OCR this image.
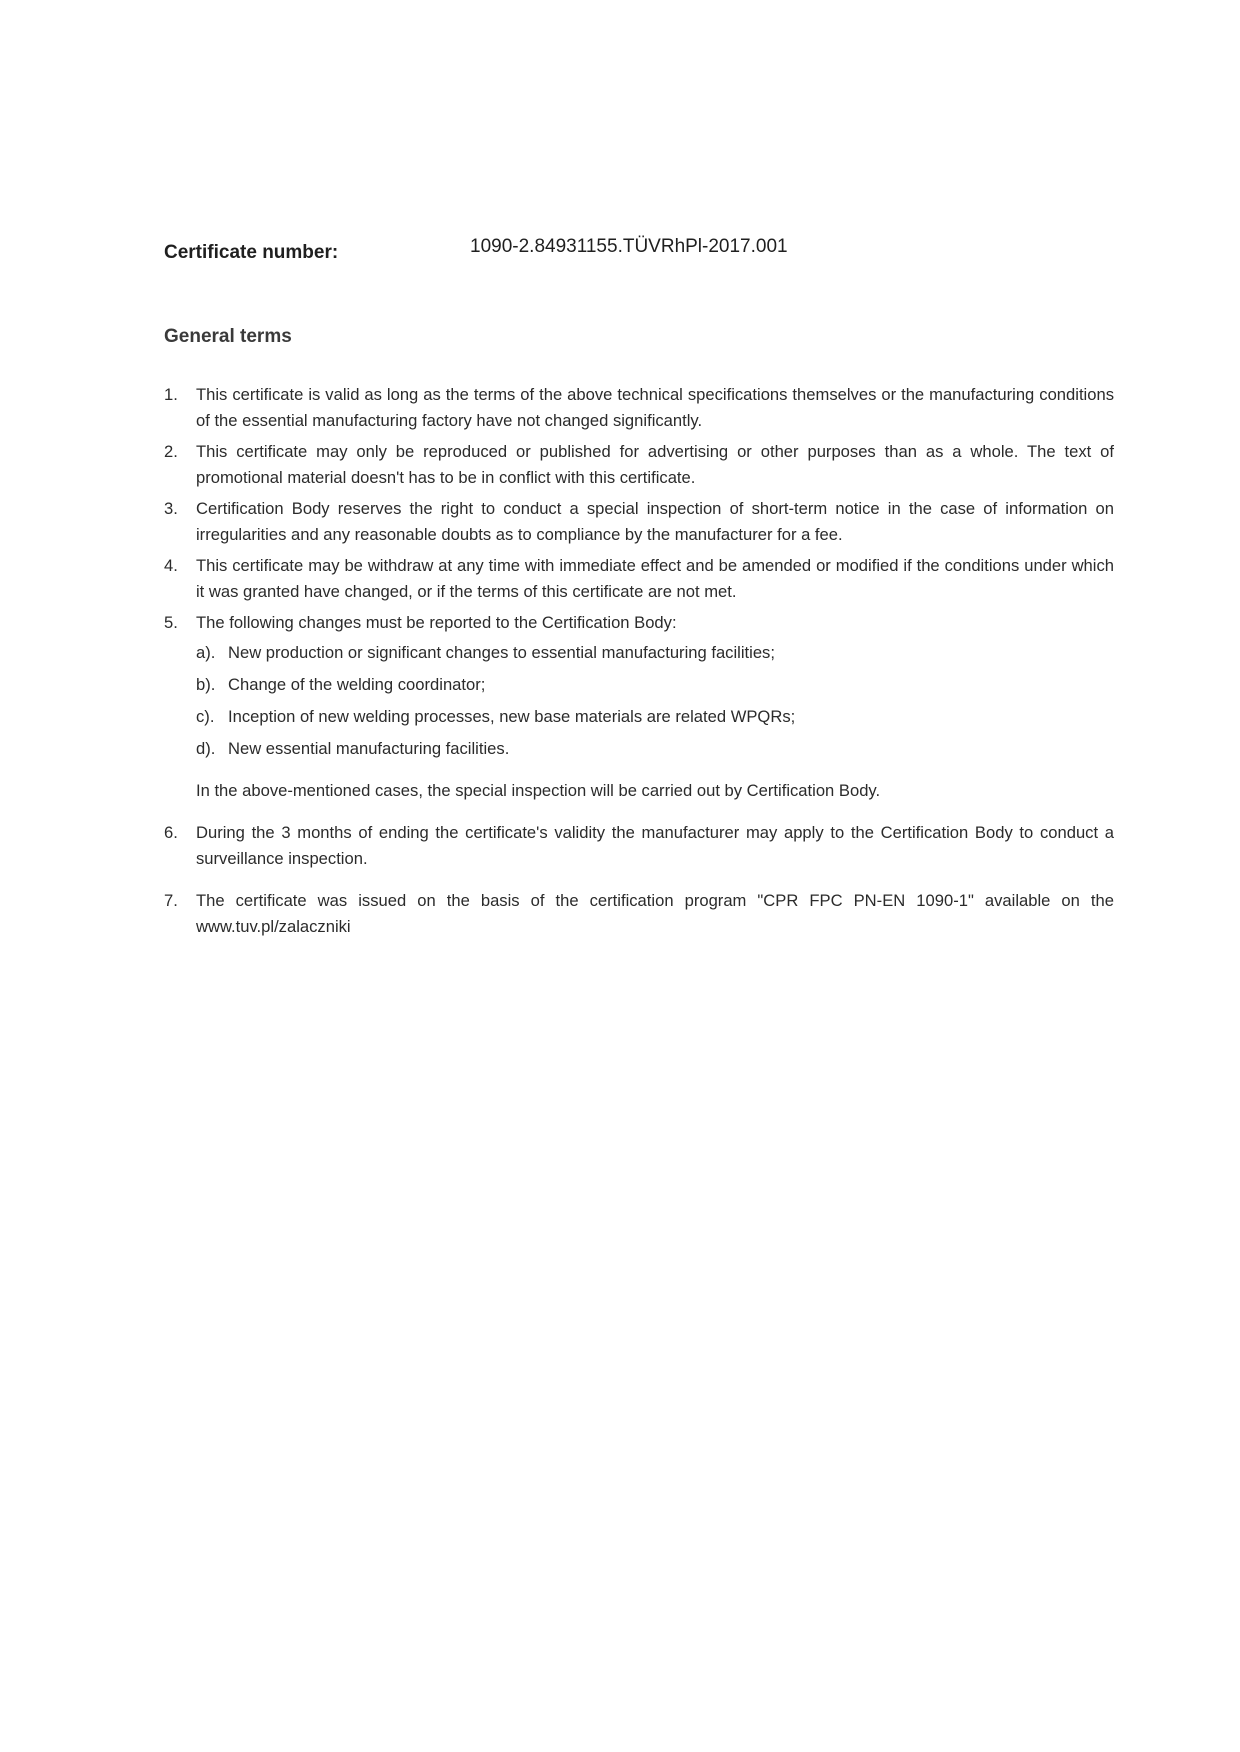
Certificate number:	1090-2.84931155.TÜVRhPl-2017.001
General terms
1.	This certificate is valid as long as the terms of the above technical specifications themselves or the manufacturing conditions of the essential manufacturing factory have not changed significantly.
2.	This certificate may only be reproduced or published for advertising or other purposes than as a whole. The text of promotional material doesn't has to be in conflict with this certificate.
3.	Certification Body reserves the right to conduct a special inspection of short-term notice in the case of information on irregularities and any reasonable doubts as to compliance by the manufacturer for a fee.
4.	This certificate may be withdraw at any time with immediate effect and be amended or modified if the conditions under which it was granted have changed, or if the terms of this certificate are not met.
5.	The following changes must be reported to the Certification Body:
a). New production or significant changes to essential manufacturing facilities;
b). Change of the welding coordinator;
c). Inception of new welding processes, new base materials are related WPQRs;
d). New essential manufacturing facilities.

In the above-mentioned cases, the special inspection will be carried out by Certification Body.

6.	During the 3 months of ending the certificate's validity the manufacturer may apply to the Certification Body to conduct a surveillance inspection.
7.	The certificate was issued on the basis of the certification program "CPR FPC PN-EN 1090-1" available on the www.tuv.pl/zalaczniki
